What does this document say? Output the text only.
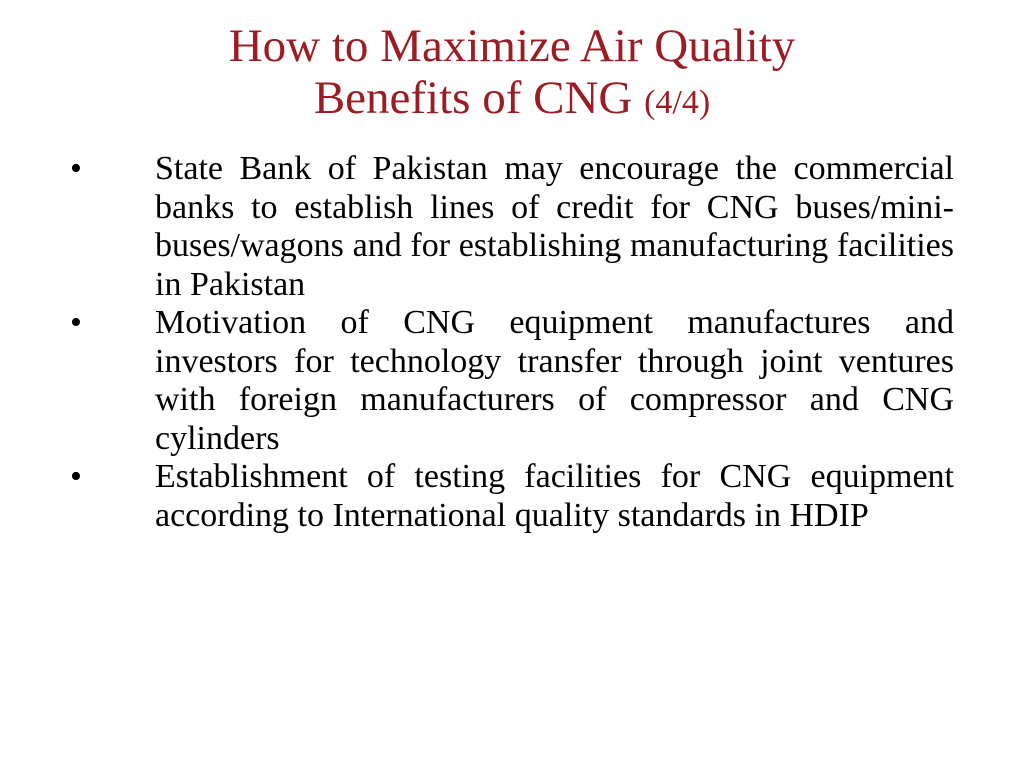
How to Maximize Air Quality
Benefits of CNG (4/4)
• State Bank of Pakistan may encourage the commercial banks to establish lines of credit for CNG buses/mini-buses/wagons and for establishing manufacturing facilities in Pakistan
• Motivation of CNG equipment manufactures and investors for technology transfer through joint ventures with foreign manufacturers of compressor and CNG cylinders
• Establishment of testing facilities for CNG equipment according to International quality standards in HDIP
